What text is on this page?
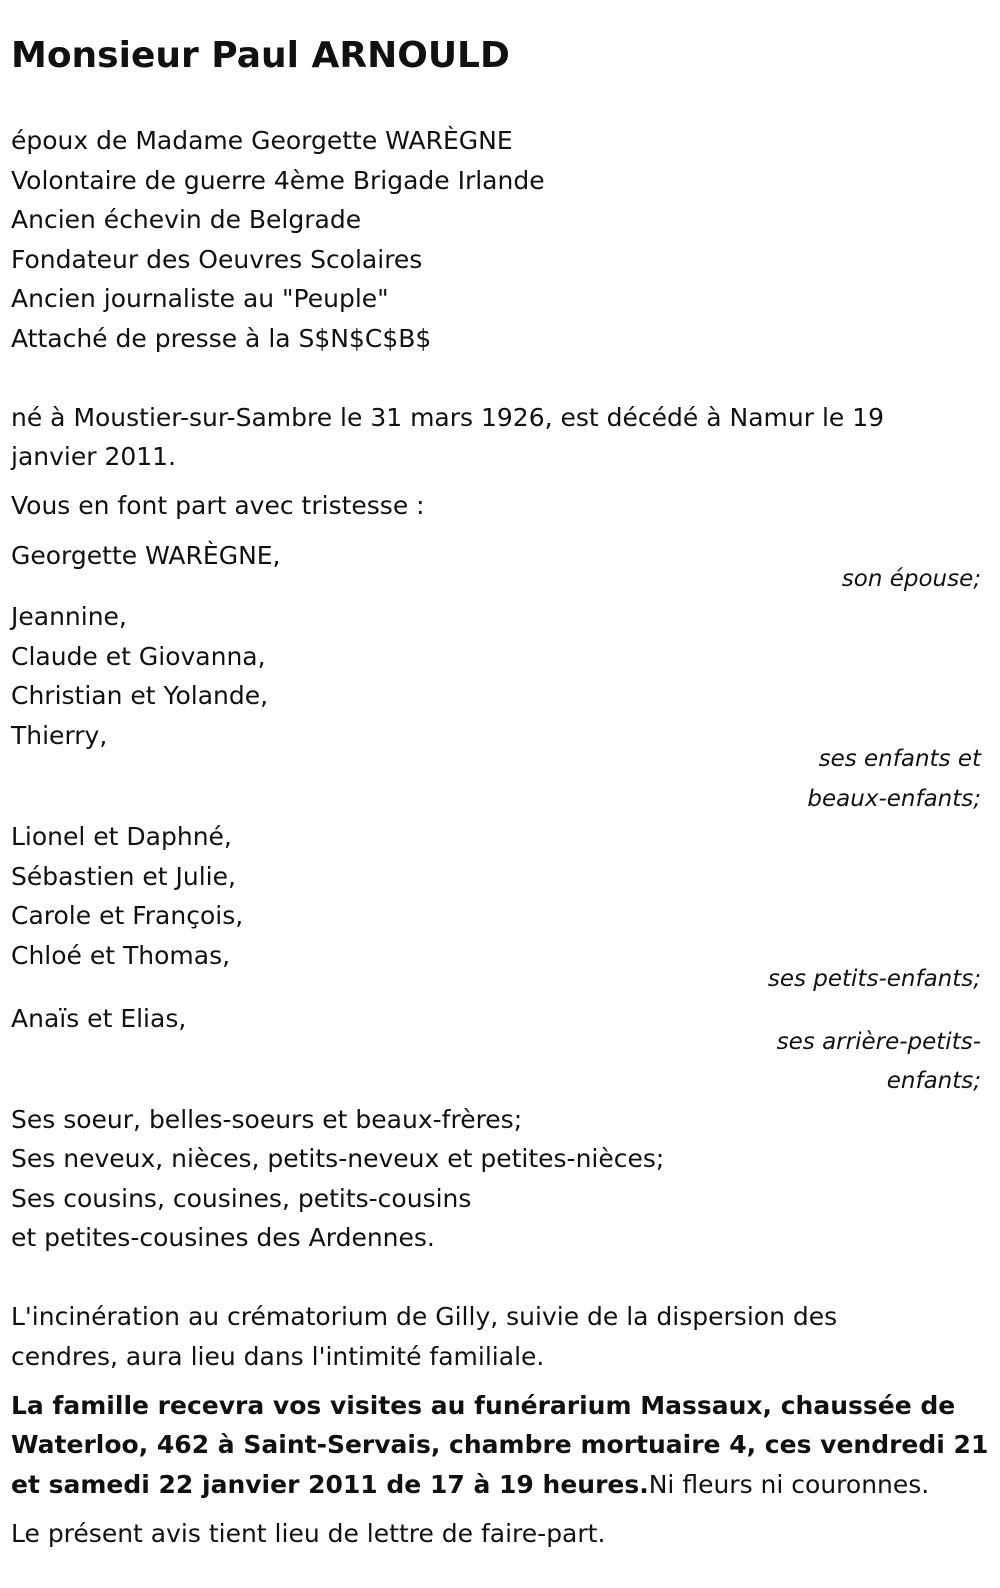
Monsieur Paul ARNOULD
époux de Madame Georgette WARÈGNE
Volontaire de guerre 4ème Brigade Irlande
Ancien échevin de Belgrade
Fondateur des Oeuvres Scolaires
Ancien journaliste au "Peuple"
Attaché de presse à la S$N$C$B$
né à Moustier-sur-Sambre le 31 mars 1926, est décédé à Namur le 19
janvier 2011.
Vous en font part avec tristesse :
Georgette WARÈGNE,
son épouse;
Jeannine,
Claude et Giovanna,
Christian et Yolande,
Thierry,
ses enfants et
beaux-enfants;
Lionel et Daphné,
Sébastien et Julie,
Carole et François,
Chloé et Thomas,
ses petits-enfants;
Anaïs et Elias,
ses arrière-petits-
enfants;
Ses soeur, belles-soeurs et beaux-frères;
Ses neveux, nièces, petits-neveux et petites-nièces;
Ses cousins, cousines, petits-cousins
et petites-cousines des Ardennes.
L'incinération au crématorium de Gilly, suivie de la dispersion des
cendres, aura lieu dans l'intimité familiale.
La famille recevra vos visites au funérarium Massaux, chaussée de
Waterloo, 462 à Saint-Servais, chambre mortuaire 4, ces vendredi 21
et samedi 22 janvier 2011 de 17 à 19 heures.Ni fleurs ni couronnes.
Le présent avis tient lieu de lettre de faire-part.
